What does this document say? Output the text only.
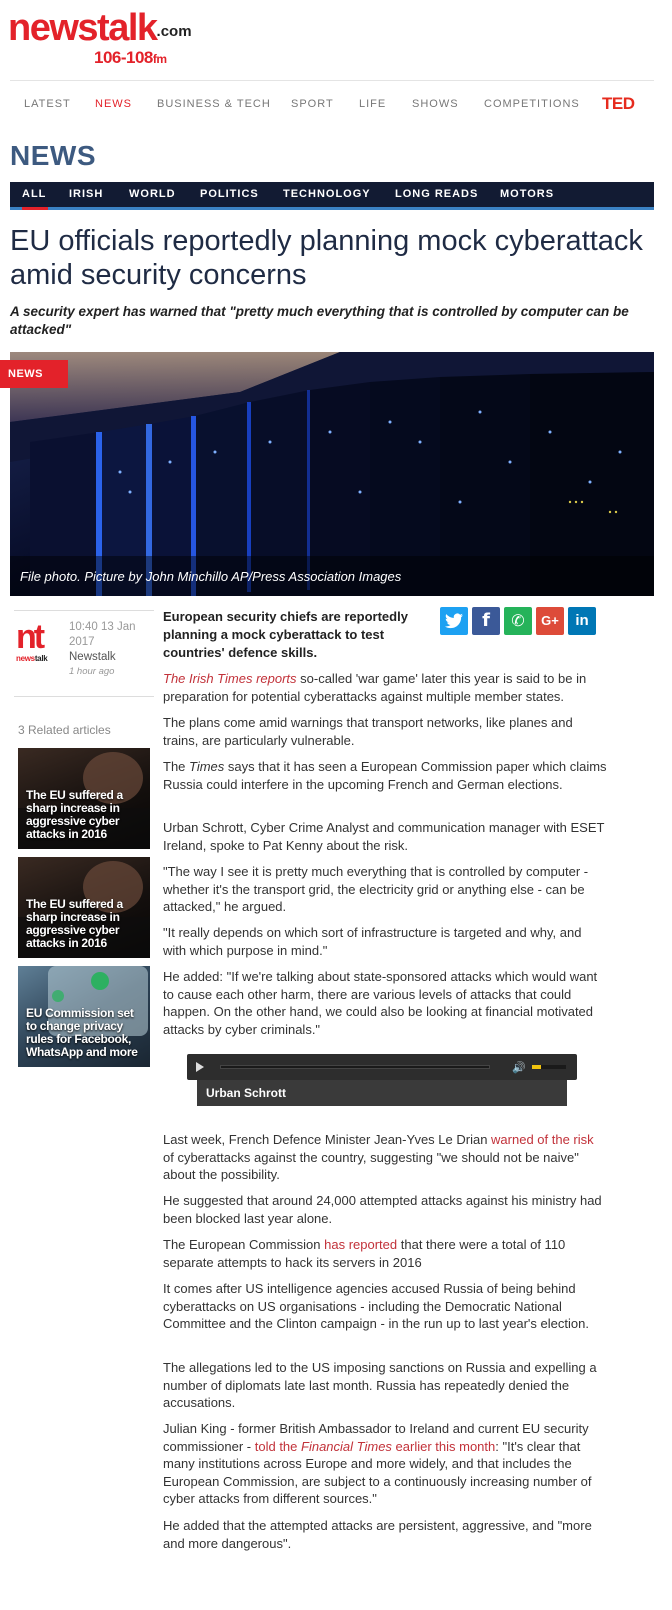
newstalk.com
106-108fm
LATEST NEWS BUSINESS & TECH SPORT LIFE SHOWS COMPETITIONS TED
NEWS
ALL IRISH WORLD POLITICS TECHNOLOGY LONG READS MOTORS
EU officials reportedly planning mock cyberattack amid security concerns

A security expert has warned that "pretty much everything that is controlled by computer can be attacked"

NEWS
File photo. Picture by John Minchillo AP/Press Association Images
nt
newstalk
10:40 13 Jan 2017
Newstalk
1 hour ago
3 Related articles
The EU suffered a sharp increase in aggressive cyber attacks in 2016
The EU suffered a sharp increase in aggressive cyber attacks in 2016
EU Commission set to change privacy rules for Facebook, WhatsApp and more
f	✆	G+	in

European security chiefs are reportedly planning a mock cyberattack to test countries' defence skills.

The Irish Times reports so-called 'war game' later this year is said to be in preparation for potential cyberattacks against multiple member states.

The plans come amid warnings that transport networks, like planes and trains, are particularly vulnerable.

The Times says that it has seen a European Commission paper which claims Russia could interfere in the upcoming French and German elections.

Urban Schrott, Cyber Crime Analyst and communication manager with ESET Ireland, spoke to Pat Kenny about the risk.

"The way I see it is pretty much everything that is controlled by computer - whether it's the transport grid, the electricity grid or anything else - can be attacked," he argued.

"It really depends on which sort of infrastructure is targeted and why, and with which purpose in mind."

He added: "If we're talking about state-sponsored attacks which would want to cause each other harm, there are various levels of attacks that could happen. On the other hand, we could also be looking at financial motivated attacks by cyber criminals."

🔊
Urban Schrott

Last week, French Defence Minister Jean-Yves Le Drian warned of the risk of cyberattacks against the country, suggesting "we should not be naive" about the possibility.

He suggested that around 24,000 attempted attacks against his ministry had been blocked last year alone.

The European Commission has reported that there were a total of 110 separate attempts to hack its servers in 2016

It comes after US intelligence agencies accused Russia of being behind cyberattacks on US organisations - including the Democratic National Committee and the Clinton campaign - in the run up to last year's election.

The allegations led to the US imposing sanctions on Russia and expelling a number of diplomats late last month. Russia has repeatedly denied the accusations.

Julian King - former British Ambassador to Ireland and current EU security commissioner - told the Financial Times earlier this month: "It's clear that many institutions across Europe and more widely, and that includes the European Commission, are subject to a continuously increasing number of cyber attacks from different sources."

He added that the attempted attacks are persistent, aggressive, and "more and more dangerous".
